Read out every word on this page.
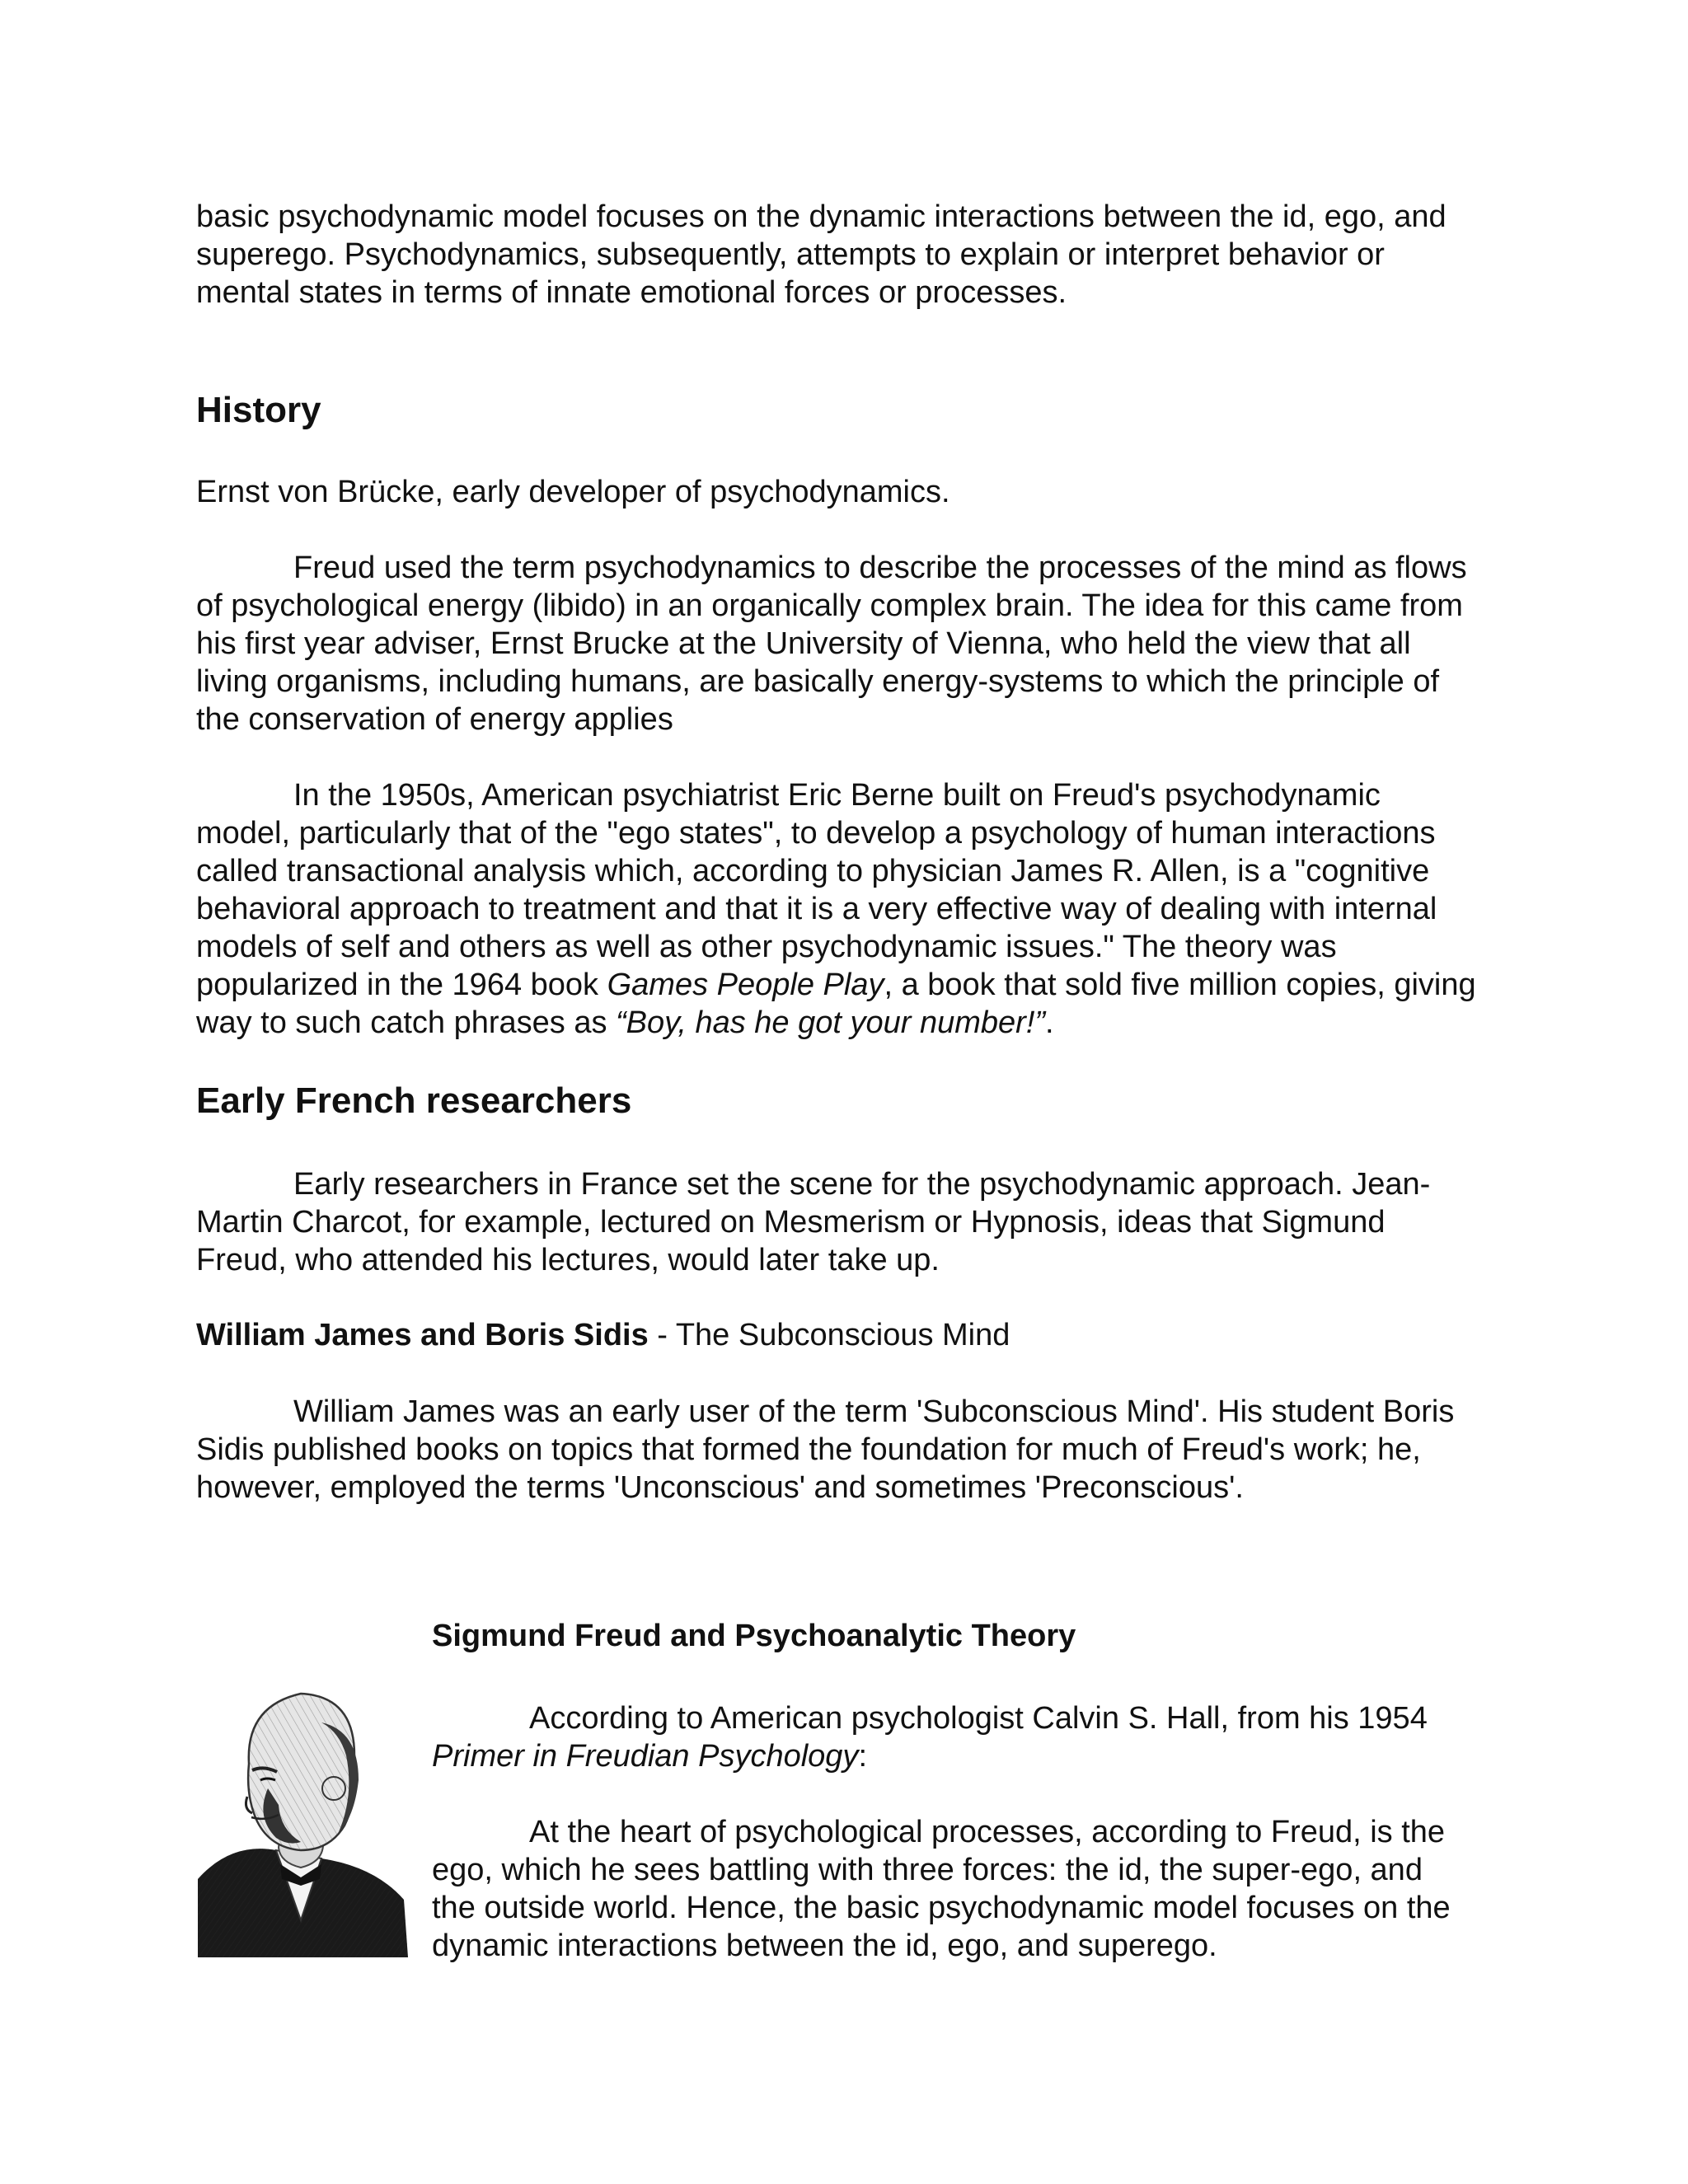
basic psychodynamic model focuses on the dynamic interactions between the id, ego, and superego. Psychodynamics, subsequently, attempts to explain or interpret behavior or mental states in terms of innate emotional forces or processes.

History

Ernst von Brücke, early developer of psychodynamics.

Freud used the term psychodynamics to describe the processes of the mind as flows of psychological energy (libido) in an organically complex brain. The idea for this came from his first year adviser, Ernst Brucke at the University of Vienna, who held the view that all living organisms, including humans, are basically energy-systems to which the principle of the conservation of energy applies

In the 1950s, American psychiatrist Eric Berne built on Freud's psychodynamic model, particularly that of the "ego states", to develop a psychology of human interactions called transactional analysis which, according to physician James R. Allen, is a "cognitive behavioral approach to treatment and that it is a very effective way of dealing with internal models of self and others as well as other psychodynamic issues." The theory was popularized in the 1964 book Games People Play, a book that sold five million copies, giving way to such catch phrases as “Boy, has he got your number!”.

Early French researchers

Early researchers in France set the scene for the psychodynamic approach. Jean-Martin Charcot, for example, lectured on Mesmerism or Hypnosis, ideas that Sigmund Freud, who attended his lectures, would later take up.

William James and Boris Sidis - The Subconscious Mind

William James was an early user of the term 'Subconscious Mind'. His student Boris Sidis published books on topics that formed the foundation for much of Freud's work; he, however, employed the terms 'Unconscious' and sometimes 'Preconscious'.

Sigmund Freud and Psychoanalytic Theory

According to American psychologist Calvin S. Hall, from his 1954 Primer in Freudian Psychology:

At the heart of psychological processes, according to Freud, is the ego, which he sees battling with three forces: the id, the super-ego, and the outside world. Hence, the basic psychodynamic model focuses on the dynamic interactions between the id, ego, and superego.
